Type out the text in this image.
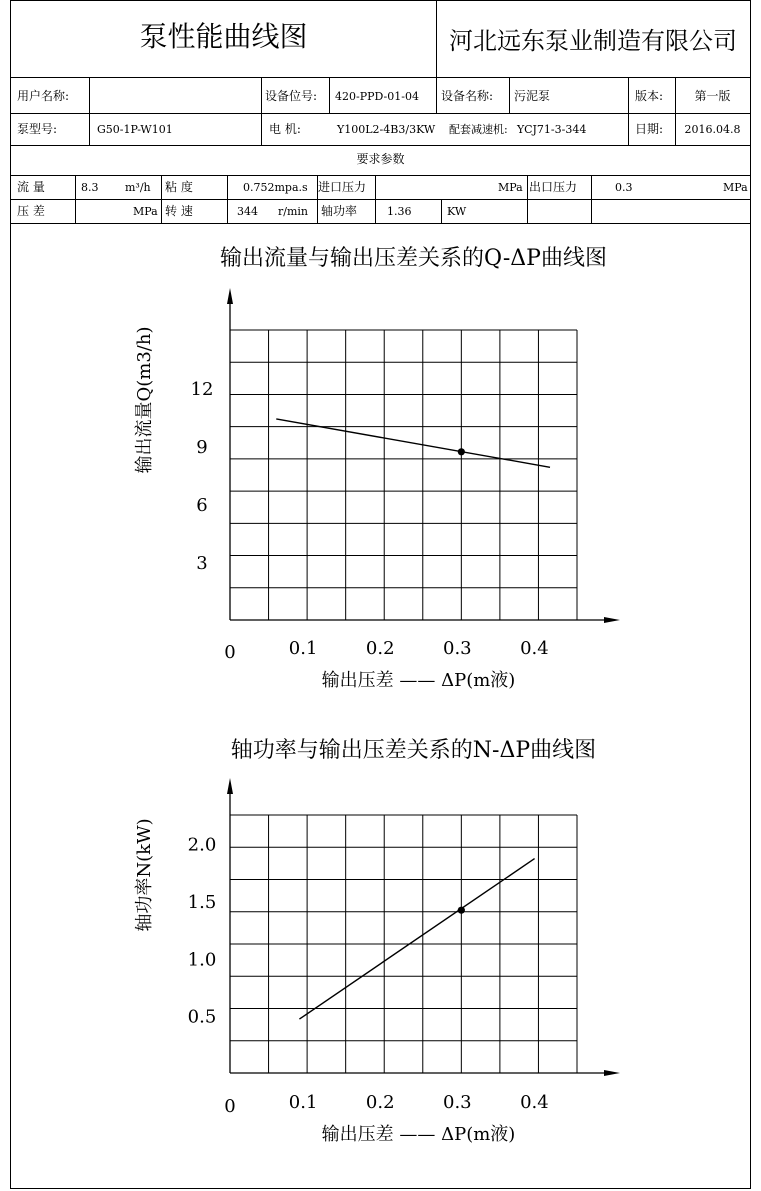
泵性能曲线图	河北远东泵业制造有限公司
用户名称:	设备位号: 420-PPD-01-04 设备名称: 污泥泵	版本:	第一版
泵型号:	G50-1P-W101	电 机:	Y100L2-4B3/3KW 配套减速机: YCJ71-3-344	日期:	2016.04.8
要求参数
流 量	8.3 m³/h 粘 度	0.752mpa.s 进口压力	MPa 出口压力	0.3	MPa
压 差	MPa 转 速	344 r/min 轴功率	1.36	KW
输出流量与输出压差关系的Q-ΔP曲线图
0	0.1	0.2	0.3	0.4
3
6
9
12
输出压差 —— ΔP(m液)
输出流量Q(m3/h)
轴功率与输出压差关系的N-ΔP曲线图
0	0.1	0.2	0.3	0.4
0.5
1.5
1.0
2.0
输出压差 —— ΔP(m液)
轴功率N(kW)
